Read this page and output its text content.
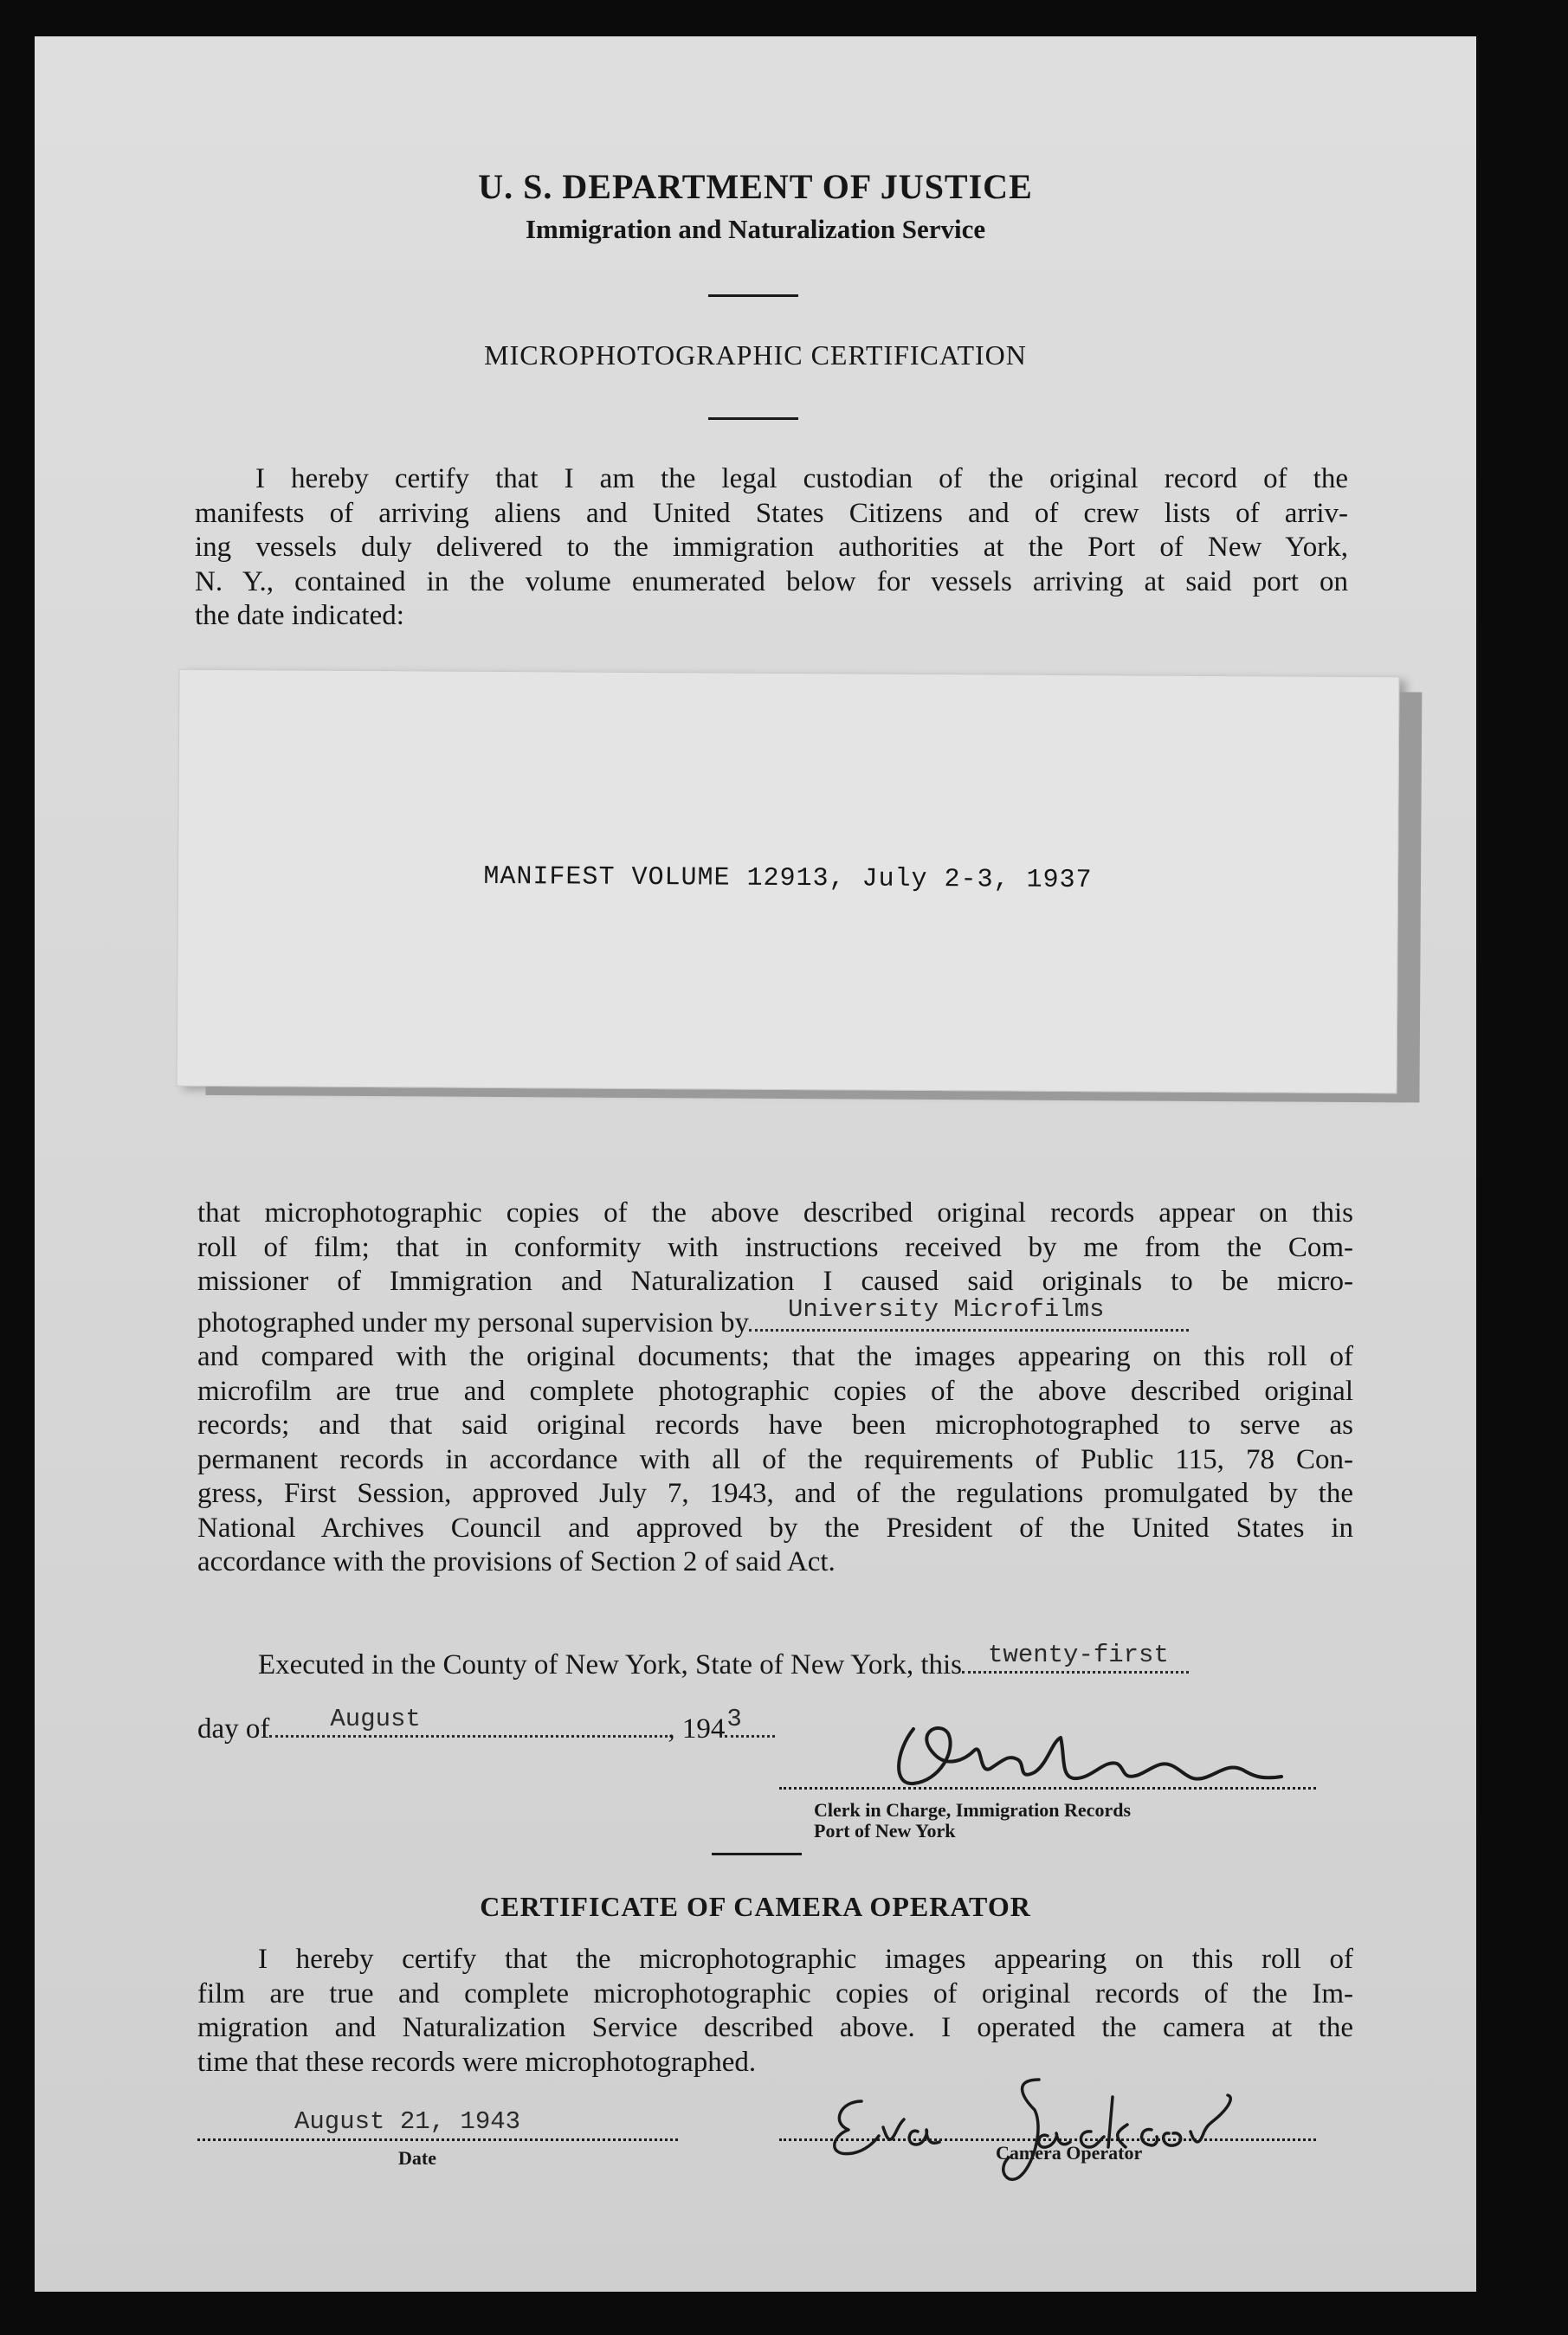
U. S. DEPARTMENT OF JUSTICE
Immigration and Naturalization Service
MICROPHOTOGRAPHIC CERTIFICATION
I hereby certify that I am the legal custodian of the original record of the
manifests of arriving aliens and United States Citizens and of crew lists of arriv-
ing vessels duly delivered to the immigration authorities at the Port of New York,
N. Y., contained in the volume enumerated below for vessels arriving at said port on
the date indicated:
MANIFEST VOLUME 12913, July 2-3, 1937
that microphotographic copies of the above described original records appear on this
roll of film; that in conformity with instructions received by me from the Com-
missioner of Immigration and Naturalization I caused said originals to be micro-
photographed under my personal supervision by University Microfilms
and compared with the original documents; that the images appearing on this roll of
microfilm are true and complete photographic copies of the above described original
records; and that said original records have been microphotographed to serve as
permanent records in accordance with all of the requirements of Public 115, 78 Con-
gress, First Session, approved July 7, 1943, and of the regulations promulgated by the
National Archives Council and approved by the President of the United States in
accordance with the provisions of Section 2 of said Act.
Executed in the County of New York, State of New York, this twenty-first
day of August	, 194 3
Clerk in Charge, Immigration Records
Port of New York
CERTIFICATE OF CAMERA OPERATOR
I hereby certify that the microphotographic images appearing on this roll of
film are true and complete microphotographic copies of original records of the Im-
migration and Naturalization Service described above. I operated the camera at the
time that these records were microphotographed.
August 21, 1943
Date	Camera Operator
